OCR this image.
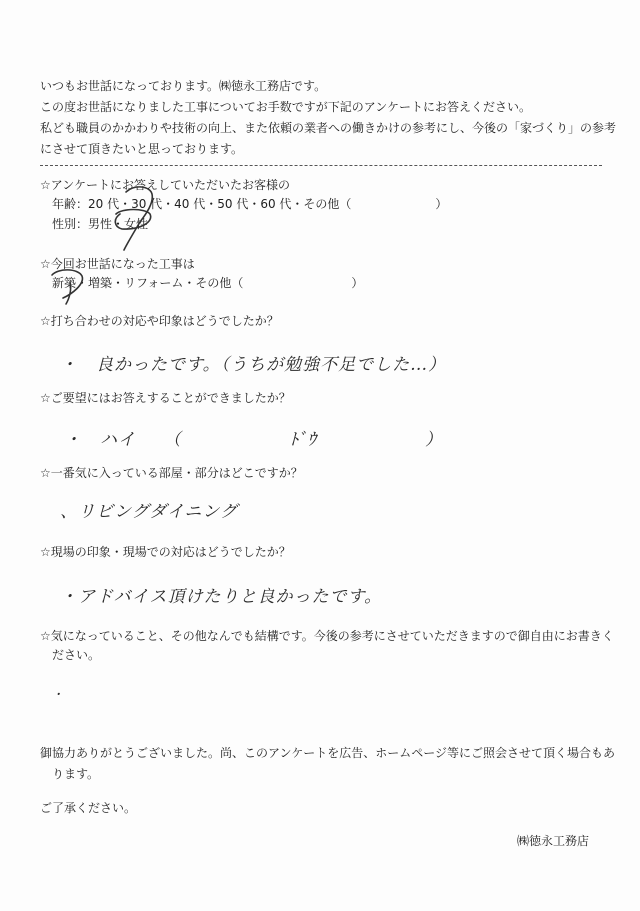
いつもお世話になっております。㈱徳永工務店です。
この度お世話になりました工事についてお手数ですが下記のアンケートにお答えください。
私ども職員のかかわりや技術の向上、また依頼の業者への働きかけの参考にし、今後の「家づくり」の参考
にさせて頂きたいと思っております。
☆アンケートにお答えしていただいたお客様の
年齢：20 代・30 代・40 代・50 代・60 代・その他（　　　　　　　）
性別：男性・女性
☆今回お世話になった工事は
新築・増築・リフォーム・その他（　　　　　　　　　）
☆打ち合わせの対応や印象はどうでしたか？
・　良かったです。（うちが勉強不足でした…）
☆ご要望にはお答えすることができましたか？
・　ハイ　　（　　　　　　ﾄﾞｳ　　　　　　）
☆一番気に入っている部屋・部分はどこですか？
、リビングダイニング
☆現場の印象・現場での対応はどうでしたか？
・アドバイス頂けたりと良かったです。
☆気になっていること、その他なんでも結構です。今後の参考にさせていただきますので御自由にお書きく
ださい。
.
御協力ありがとうございました。尚、このアンケートを広告、ホームページ等にご照会させて頂く場合もあ
ります。
ご了承ください。
㈱徳永工務店
